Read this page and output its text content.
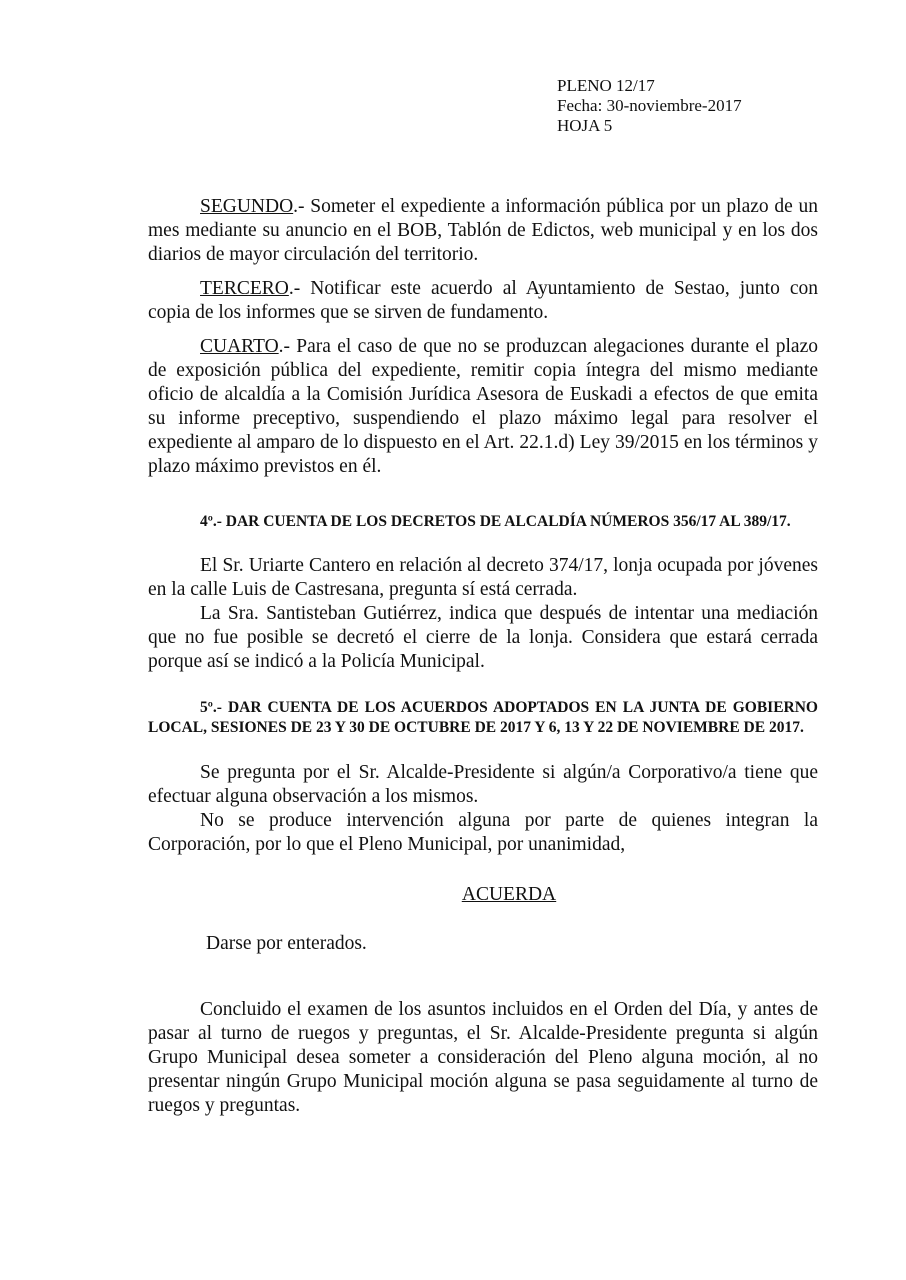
PLENO 12/17
Fecha: 30-noviembre-2017
HOJA 5
SEGUNDO.- Someter el expediente a información pública por un plazo de un mes mediante su anuncio en el BOB, Tablón de Edictos, web municipal y en los dos diarios de mayor circulación del territorio.
TERCERO.- Notificar este acuerdo al Ayuntamiento de Sestao, junto con copia de los informes que se sirven de fundamento.
CUARTO.- Para el caso de que no se produzcan alegaciones durante el plazo de exposición pública del expediente, remitir copia íntegra del mismo mediante oficio de alcaldía a la Comisión Jurídica Asesora de Euskadi a efectos de que emita su informe preceptivo, suspendiendo el plazo máximo legal para resolver el expediente al amparo de lo dispuesto en el Art. 22.1.d) Ley 39/2015 en los términos y plazo máximo previstos en él.
4º.- DAR CUENTA DE LOS DECRETOS DE ALCALDÍA NÚMEROS 356/17 AL 389/17.
El Sr. Uriarte Cantero en relación al decreto 374/17, lonja ocupada por jóvenes en la calle Luis de Castresana, pregunta sí está cerrada.
La Sra. Santisteban Gutiérrez, indica que después de intentar una mediación que no fue posible se decretó el cierre de la lonja. Considera que estará cerrada porque así se indicó a la Policía Municipal.
5º.- DAR CUENTA DE LOS ACUERDOS ADOPTADOS EN LA JUNTA DE GOBIERNO LOCAL, SESIONES DE 23 Y 30 DE OCTUBRE DE 2017 Y 6, 13 Y 22 DE NOVIEMBRE DE 2017.
Se pregunta por el Sr. Alcalde-Presidente si algún/a Corporativo/a tiene que efectuar alguna observación a los mismos.
No se produce intervención alguna por parte de quienes integran la Corporación, por lo que el Pleno Municipal, por unanimidad,
ACUERDA
Darse por enterados.
Concluido el examen de los asuntos incluidos en el Orden del Día, y antes de pasar al turno de ruegos y preguntas, el Sr. Alcalde-Presidente pregunta si algún Grupo Municipal desea someter a consideración del Pleno alguna moción, al no presentar ningún Grupo Municipal moción alguna se pasa seguidamente al turno de ruegos y preguntas.
